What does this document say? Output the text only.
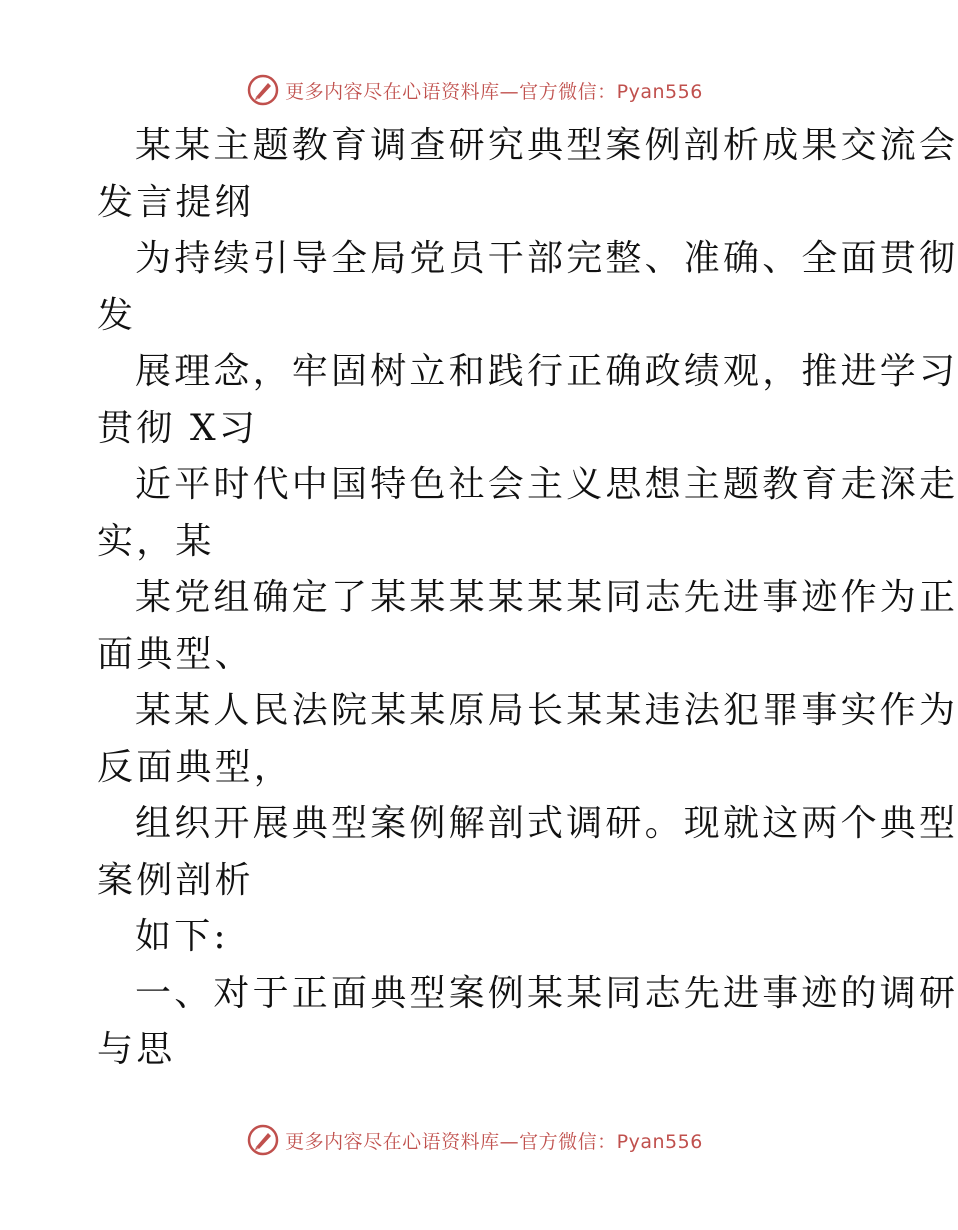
更多内容尽在心语资料库—官方微信：Pyan556
某某主题教育调查研究典型案例剖析成果交流会
发言提纲
为持续引导全局党员干部完整、准确、全面贯彻
发
展理念，牢固树立和践行正确政绩观，推进学习
贯彻 X习
近平时代中国特色社会主义思想主题教育走深走
实，某
某党组确定了某某某某某某同志先进事迹作为正
面典型、
某某人民法院某某原局长某某违法犯罪事实作为
反面典型，
组织开展典型案例解剖式调研。现就这两个典型
案例剖析
如下:
一、对于正面典型案例某某同志先进事迹的调研
与思
更多内容尽在心语资料库—官方微信：Pyan556
